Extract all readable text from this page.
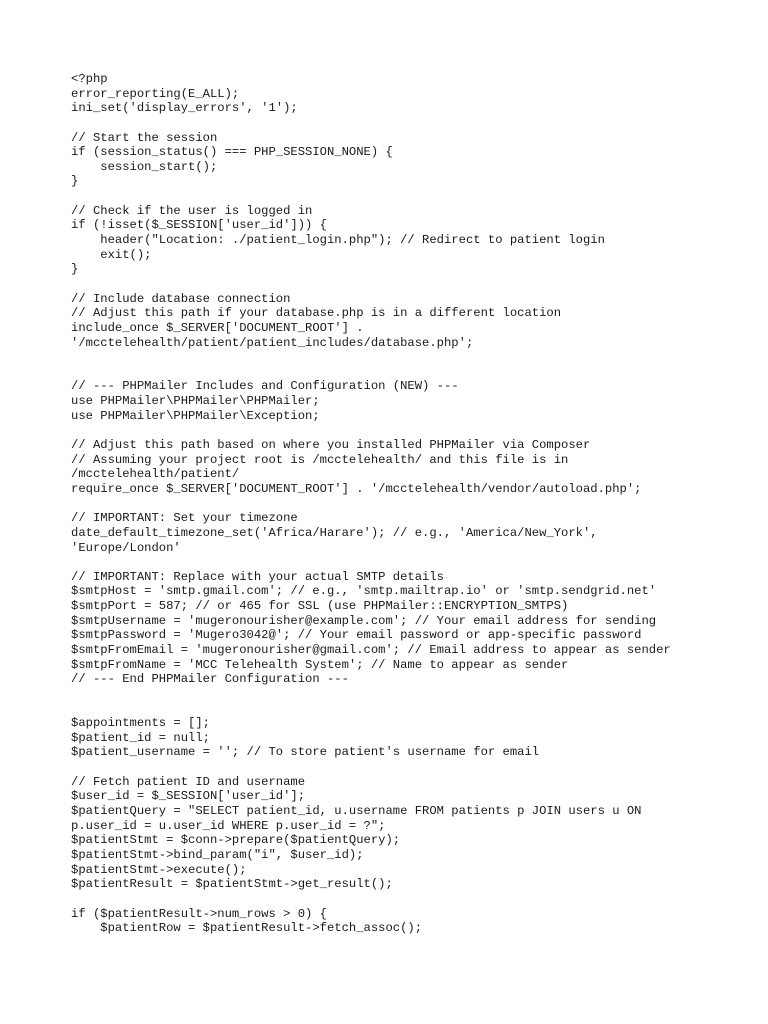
<?php
error_reporting(E_ALL);
ini_set('display_errors', '1');
// Start the session
if (session_status() === PHP_SESSION_NONE) {
session_start();
}
// Check if the user is logged in
if (!isset($_SESSION['user_id'])) {
header("Location: ./patient_login.php"); // Redirect to patient login
exit();
}
// Include database connection
// Adjust this path if your database.php is in a different location
include_once $_SERVER['DOCUMENT_ROOT'] .
'/mcctelehealth/patient/patient_includes/database.php';
// --- PHPMailer Includes and Configuration (NEW) ---
use PHPMailer\PHPMailer\PHPMailer;
use PHPMailer\PHPMailer\Exception;
// Adjust this path based on where you installed PHPMailer via Composer
// Assuming your project root is /mcctelehealth/ and this file is in
/mcctelehealth/patient/
require_once $_SERVER['DOCUMENT_ROOT'] . '/mcctelehealth/vendor/autoload.php';
// IMPORTANT: Set your timezone
date_default_timezone_set('Africa/Harare'); // e.g., 'America/New_York',
'Europe/London'
// IMPORTANT: Replace with your actual SMTP details
$smtpHost = 'smtp.gmail.com'; // e.g., 'smtp.mailtrap.io' or 'smtp.sendgrid.net'
$smtpPort = 587; // or 465 for SSL (use PHPMailer::ENCRYPTION_SMTPS)
$smtpUsername = 'mugeronourisher@example.com'; // Your email address for sending
$smtpPassword = 'Mugero3042@'; // Your email password or app-specific password
$smtpFromEmail = 'mugeronourisher@gmail.com'; // Email address to appear as sender
$smtpFromName = 'MCC Telehealth System'; // Name to appear as sender
// --- End PHPMailer Configuration ---
$appointments = [];
$patient_id = null;
$patient_username = ''; // To store patient's username for email
// Fetch patient ID and username
$user_id = $_SESSION['user_id'];
$patientQuery = "SELECT patient_id, u.username FROM patients p JOIN users u ON
p.user_id = u.user_id WHERE p.user_id = ?";
$patientStmt = $conn->prepare($patientQuery);
$patientStmt->bind_param("i", $user_id);
$patientStmt->execute();
$patientResult = $patientStmt->get_result();
if ($patientResult->num_rows > 0) {
$patientRow = $patientResult->fetch_assoc();
